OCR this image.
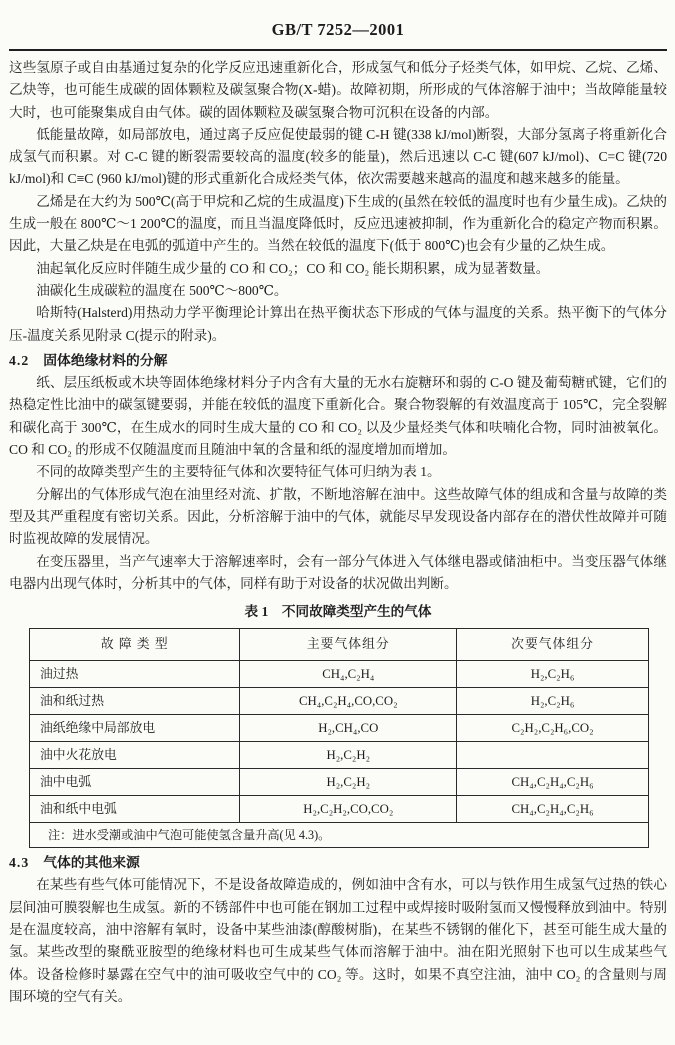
GB/T 7252—2001

这些氢原子或自由基通过复杂的化学反应迅速重新化合，形成氢气和低分子烃类气体，如甲烷、乙烷、乙烯、乙炔等，也可能生成碳的固体颗粒及碳氢聚合物(X-蜡)。故障初期，所形成的气体溶解于油中；当故障能量较大时，也可能聚集成自由气体。碳的固体颗粒及碳氢聚合物可沉积在设备的内部。

低能量故障，如局部放电，通过离子反应促使最弱的键 C-H 键(338 kJ/mol)断裂，大部分氢离子将重新化合成氢气而积累。对 C-C 键的断裂需要较高的温度(较多的能量)，然后迅速以 C-C 键(607 kJ/mol)、C=C 键(720 kJ/mol)和 C≡C (960 kJ/mol)键的形式重新化合成烃类气体，依次需要越来越高的温度和越来越多的能量。

乙烯是在大约为 500℃(高于甲烷和乙烷的生成温度)下生成的(虽然在较低的温度时也有少量生成)。乙炔的生成一般在 800℃～1 200℃的温度，而且当温度降低时，反应迅速被抑制，作为重新化合的稳定产物而积累。因此，大量乙炔是在电弧的弧道中产生的。当然在较低的温度下(低于 800℃)也会有少量的乙炔生成。

油起氧化反应时伴随生成少量的 CO 和 CO₂；CO 和 CO₂ 能长期积累，成为显著数量。

油碳化生成碳粒的温度在 500℃～800℃。

哈斯特(Halsterd)用热动力学平衡理论计算出在热平衡状态下形成的气体与温度的关系。热平衡下的气体分压-温度关系见附录 C(提示的附录)。

4.2 固体绝缘材料的分解

纸、层压纸板或木块等固体绝缘材料分子内含有大量的无水右旋糖环和弱的 C-O 键及葡萄糖甙键，它们的热稳定性比油中的碳氢键要弱，并能在较低的温度下重新化合。聚合物裂解的有效温度高于 105℃，完全裂解和碳化高于 300℃，在生成水的同时生成大量的 CO 和 CO₂ 以及少量烃类气体和呋喃化合物，同时油被氧化。CO 和 CO₂ 的形成不仅随温度而且随油中氧的含量和纸的湿度增加而增加。

不同的故障类型产生的主要特征气体和次要特征气体可归纳为表 1。

分解出的气体形成气泡在油里经对流、扩散，不断地溶解在油中。这些故障气体的组成和含量与故障的类型及其严重程度有密切关系。因此，分析溶解于油中的气体，就能尽早发现设备内部存在的潜伏性故障并可随时监视故障的发展情况。

在变压器里，当产气速率大于溶解速率时，会有一部分气体进入气体继电器或储油柜中。当变压器气体继电器内出现气体时，分析其中的气体，同样有助于对设备的状况做出判断。

表 1　不同故障类型产生的气体
故 障 类 型	主要气体组分	次要气体组分
油过热	CH₄,C₂H₄	H₂,C₂H₆
油和纸过热	CH₄,C₂H₄,CO,CO₂	H₂,C₂H₆
油纸绝缘中局部放电	H₂,CH₄,CO	C₂H₂,C₂H₆,CO₂
油中火花放电	H₂,C₂H₂	
油中电弧	H₂,C₂H₂	CH₄,C₂H₄,C₂H₆
油和纸中电弧	H₂,C₂H₂,CO,CO₂	CH₄,C₂H₄,C₂H₆
注：进水受潮或油中气泡可能使氢含量升高(见 4.3)。		

4.3 气体的其他来源

在某些有些气体可能情况下，不是设备故障造成的，例如油中含有水，可以与铁作用生成氢气过热的铁心层间油可膜裂解也生成氢。新的不锈部件中也可能在钢加工过程中或焊接时吸附氢而又慢慢释放到油中。特别是在温度较高，油中溶解有氧时，设备中某些油漆(醇酸树脂)，在某些不锈钢的催化下，甚至可能生成大量的氢。某些改型的聚酰亚胺型的绝缘材料也可生成某些气体而溶解于油中。油在阳光照射下也可以生成某些气体。设备检修时暴露在空气中的油可吸收空气中的 CO₂ 等。这时，如果不真空注油，油中 CO₂ 的含量则与周围环境的空气有关。
